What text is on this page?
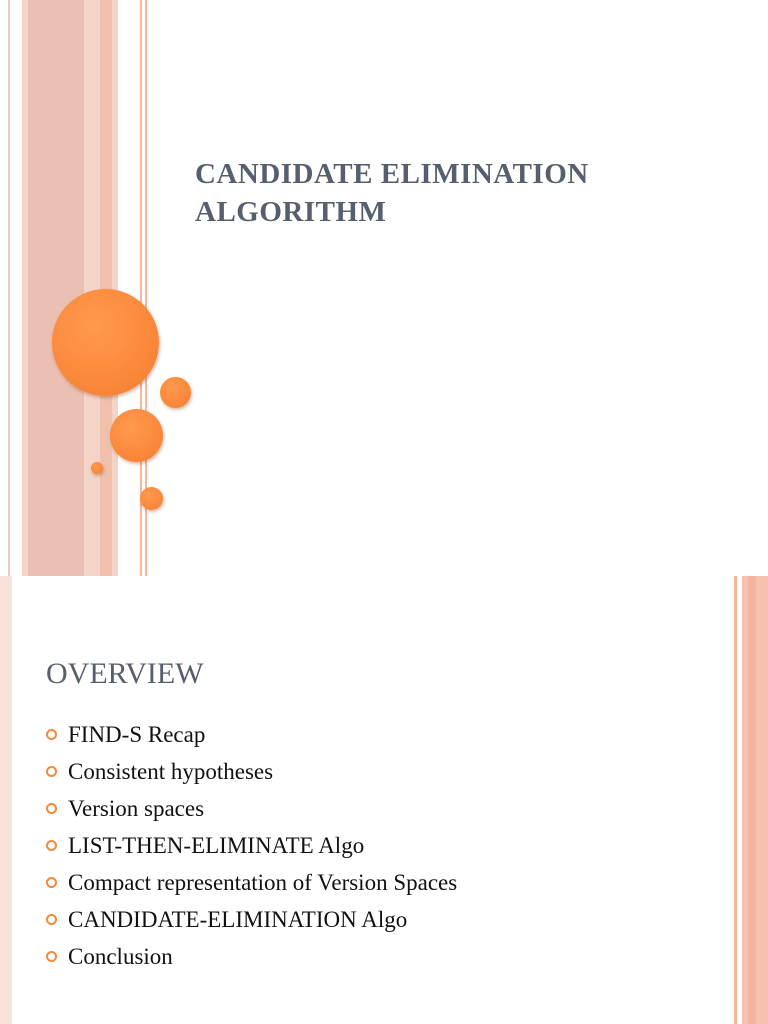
CANDIDATE ELIMINATION
ALGORITHM
OVERVIEW
FIND-S Recap
Consistent hypotheses
Version spaces
LIST-THEN-ELIMINATE Algo
Compact representation of Version Spaces
CANDIDATE-ELIMINATION Algo
Conclusion
